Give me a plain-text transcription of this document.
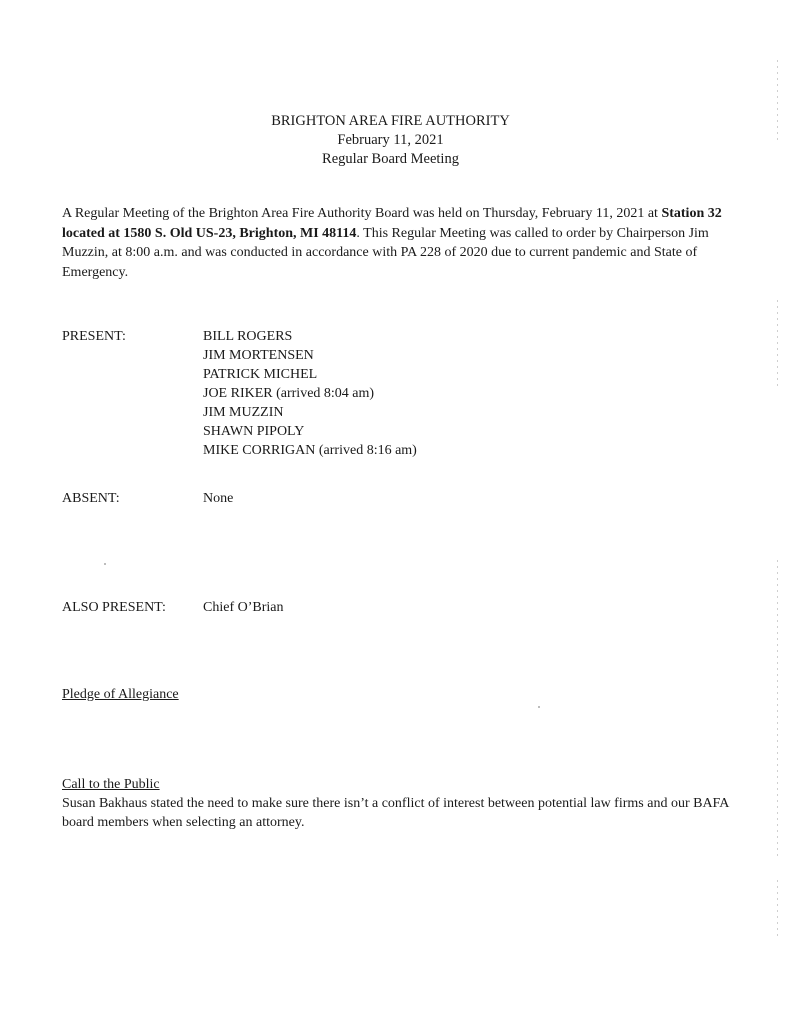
BRIGHTON AREA FIRE AUTHORITY
February 11, 2021
Regular Board Meeting
A Regular Meeting of the Brighton Area Fire Authority Board was held on Thursday, February 11, 2021 at Station 32 located at 1580 S. Old US-23, Brighton, MI 48114. This Regular Meeting was called to order by Chairperson Jim Muzzin, at 8:00 a.m. and was conducted in accordance with PA 228 of 2020 due to current pandemic and State of Emergency.
PRESENT:	BILL ROGERS
JIM MORTENSEN
PATRICK MICHEL
JOE RIKER (arrived 8:04 am)
JIM MUZZIN
SHAWN PIPOLY
MIKE CORRIGAN (arrived 8:16 am)
ABSENT:	None
ALSO PRESENT:	Chief O’Brian
Pledge of Allegiance
Call to the Public
Susan Bakhaus stated the need to make sure there isn’t a conflict of interest between potential law firms and our BAFA board members when selecting an attorney.
